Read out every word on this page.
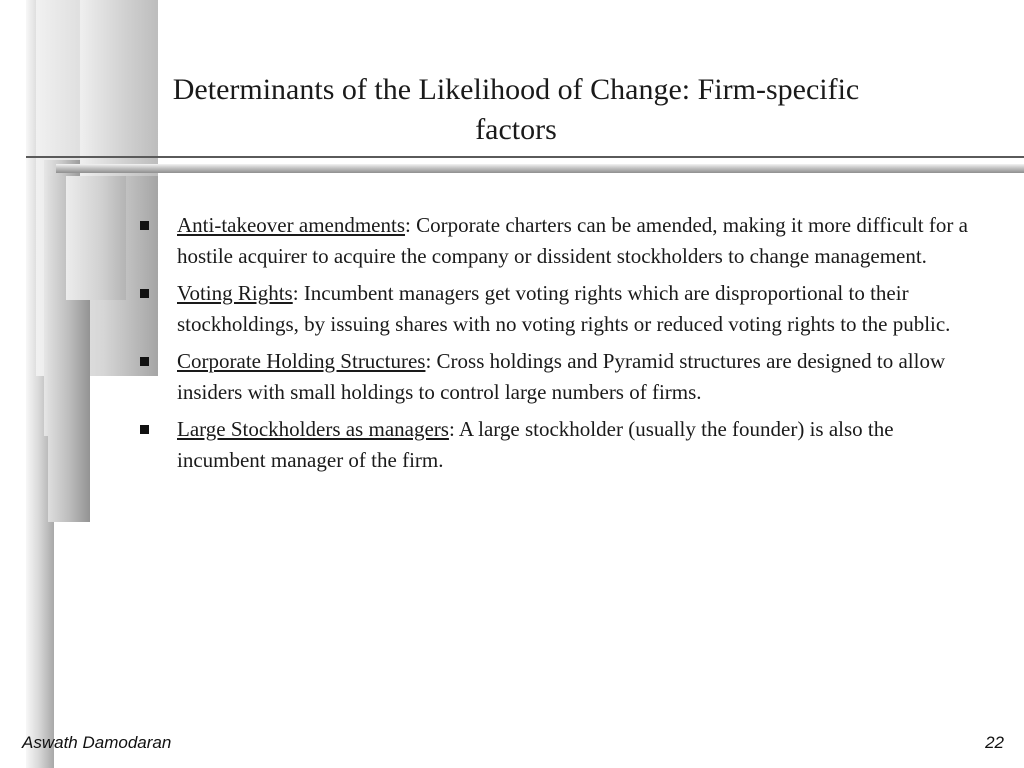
Determinants of the Likelihood of Change: Firm-specific
factors
Anti-takeover amendments: Corporate charters can be amended, making it more difficult for a hostile acquirer to acquire the company or dissident stockholders to change management.
Voting Rights: Incumbent managers get voting rights which are disproportional to their stockholdings, by issuing shares with no voting rights or reduced voting rights to the public.
Corporate Holding Structures: Cross holdings and Pyramid structures are designed to allow insiders with small holdings to control large numbers of firms.
Large Stockholders as managers: A large stockholder (usually the founder) is also the incumbent manager of the firm.
Aswath Damodaran	22
